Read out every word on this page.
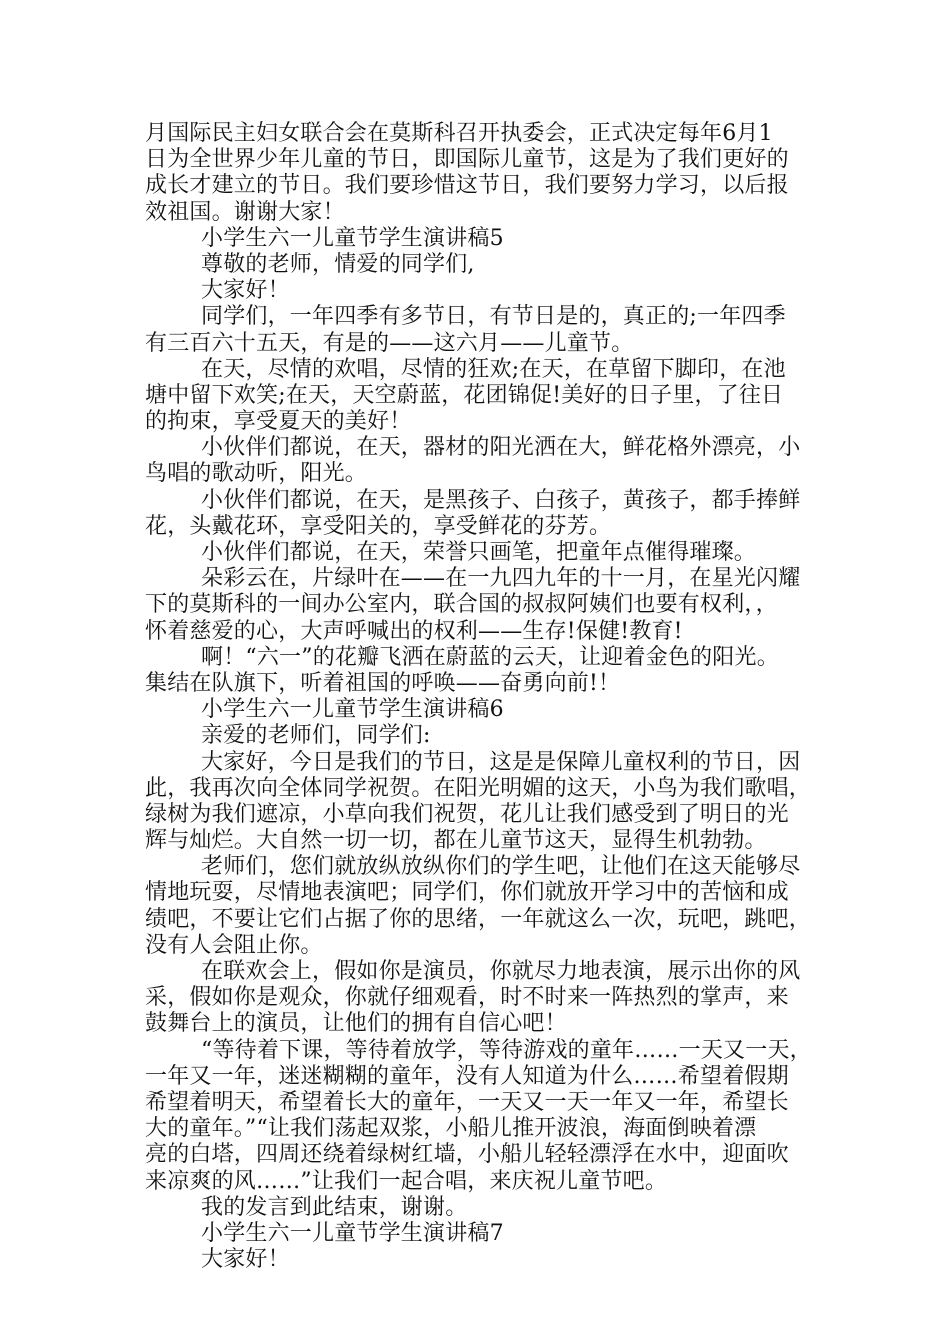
月国际民主妇女联合会在莫斯科召开执委会，正式决定每年6月1
日为全世界少年儿童的节日，即国际儿童节，这是为了我们更好的
成长才建立的节日。我们要珍惜这节日，我们要努力学习，以后报
效祖国。谢谢大家！
小学生六一儿童节学生演讲稿5
尊敬的老师，情爱的同学们,
大家好！
同学们，一年四季有多节日，有节日是的，真正的;一年四季
有三百六十五天，有是的——这六月——儿童节。
在天，尽情的欢唱，尽情的狂欢;在天，在草留下脚印，在池
塘中留下欢笑;在天，天空蔚蓝，花团锦促!美好的日子里，了往日
的拘束，享受夏天的美好！
小伙伴们都说，在天，器材的阳光洒在大，鲜花格外漂亮，小
鸟唱的歌动听，阳光。
小伙伴们都说，在天，是黑孩子、白孩子，黄孩子，都手捧鲜
花，头戴花环，享受阳关的，享受鲜花的芬芳。
小伙伴们都说，在天，荣誉只画笔，把童年点催得璀璨。
朵彩云在，片绿叶在——在一九四九年的十一月，在星光闪耀
下的莫斯科的一间办公室内，联合国的叔叔阿姨们也要有权利，，
怀着慈爱的心，大声呼喊出的权利——生存!保健!教育!
啊！“六一”的花瓣飞洒在蔚蓝的云天，让迎着金色的阳光。
集结在队旗下，听着祖国的呼唤——奋勇向前!！
小学生六一儿童节学生演讲稿6
亲爱的老师们，同学们:
大家好，今日是我们的节日，这是是保障儿童权利的节日，因
此，我再次向全体同学祝贺。在阳光明媚的这天，小鸟为我们歌唱，
绿树为我们遮凉，小草向我们祝贺，花儿让我们感受到了明日的光
辉与灿烂。大自然一切一切，都在儿童节这天，显得生机勃勃。
老师们，您们就放纵放纵你们的学生吧，让他们在这天能够尽
情地玩耍，尽情地表演吧；同学们，你们就放开学习中的苦恼和成
绩吧，不要让它们占据了你的思绪，一年就这么一次，玩吧，跳吧，
没有人会阻止你。
在联欢会上，假如你是演员，你就尽力地表演，展示出你的风
采，假如你是观众，你就仔细观看，时不时来一阵热烈的掌声，来
鼓舞台上的演员，让他们的拥有自信心吧！
“等待着下课，等待着放学，等待游戏的童年……一天又一天，
一年又一年，迷迷糊糊的童年，没有人知道为什么……希望着假期
希望着明天，希望着长大的童年，一天又一天一年又一年，希望长
大的童年。”“让我们荡起双浆，小船儿推开波浪，海面倒映着漂
亮的白塔，四周还绕着绿树红墙，小船儿轻轻漂浮在水中，迎面吹
来凉爽的风……”让我们一起合唱，来庆祝儿童节吧。
我的发言到此结束，谢谢。
小学生六一儿童节学生演讲稿7
大家好！
